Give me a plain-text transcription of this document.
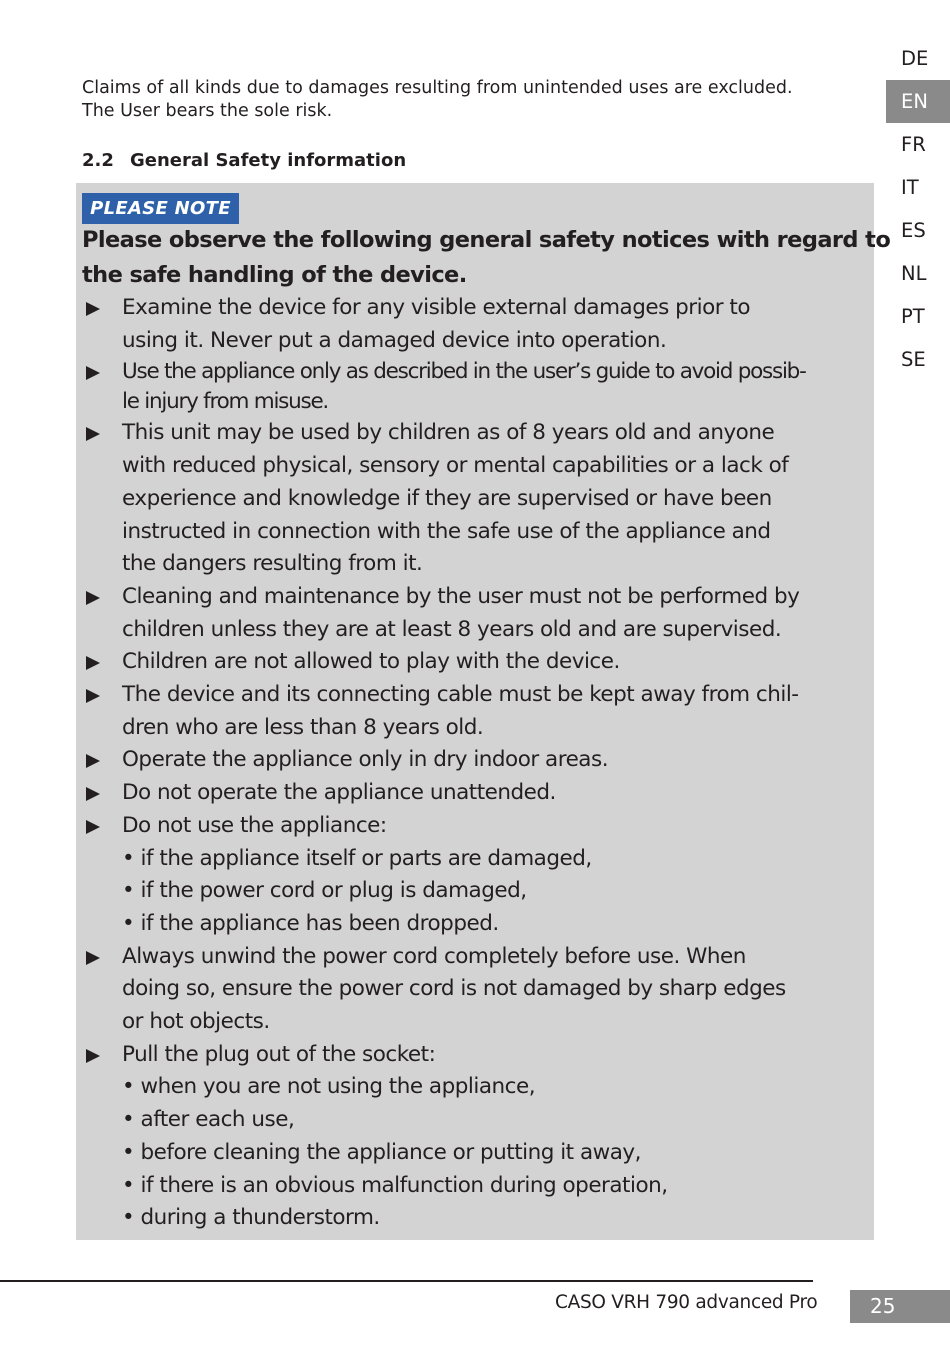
Claims of all kinds due to damages resulting from unintended uses are excluded.

The User bears the sole risk.

2.2 General Safety information
PLEASE NOTE
Please observe the following general safety notices with regard to
the safe handling of the device.
Examine the device for any visible external damages prior to
using it. Never put a damaged device into operation.
Use the appliance only as described in the user’s guide to avoid possib-
le injury from misuse.
This unit may be used by children as of 8 years old and anyone
with reduced physical, sensory or mental capabilities or a lack of
experience and knowledge if they are supervised or have been
instructed in connection with the safe use of the appliance and
the dangers resulting from it.
Cleaning and maintenance by the user must not be performed by
children unless they are at least 8 years old and are supervised.
Children are not allowed to play with the device.
The device and its connecting cable must be kept away from chil-
dren who are less than 8 years old.
Operate the appliance only in dry indoor areas.
Do not operate the appliance unattended.
Do not use the appliance:
• if the appliance itself or parts are damaged,
• if the power cord or plug is damaged,
• if the appliance has been dropped.
Always unwind the power cord completely before use. When
doing so, ensure the power cord is not damaged by sharp edges
or hot objects.
Pull the plug out of the socket:
• when you are not using the appliance,
• after each use,
• before cleaning the appliance or putting it away,
• if there is an obvious malfunction during operation,
• during a thunderstorm.
DE
EN
FR
IT
ES
NL
PT
SE
CASO VRH 790 advanced Pro	25
